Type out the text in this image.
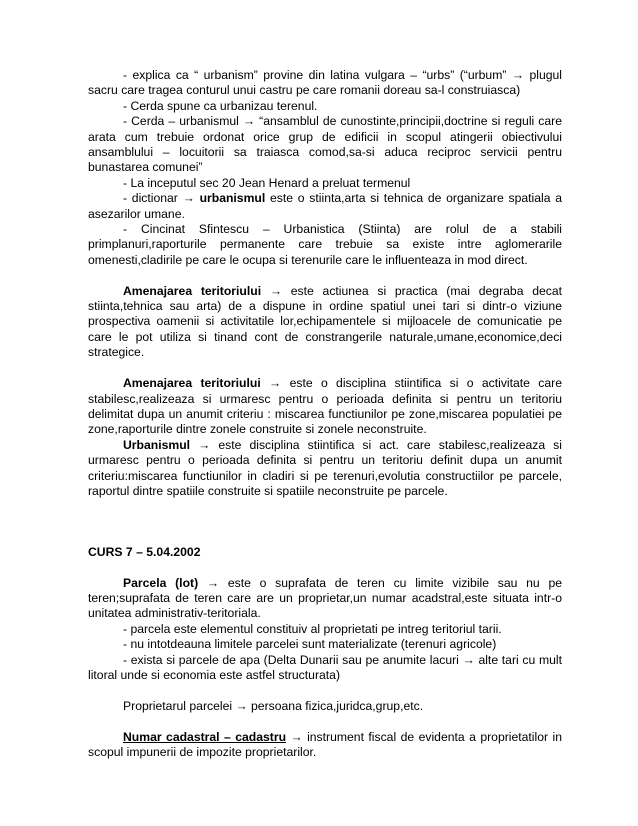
- explica ca “ urbanism” provine din latina vulgara – “urbs” (“urbum” → plugul sacru care tragea conturul unui castru pe care romanii doreau sa-l construiasca)

- Cerda spune ca urbanizau terenul.

- Cerda – urbanismul → “ansamblul de cunostinte,principii,doctrine si reguli care arata cum trebuie ordonat orice grup de edificii in scopul atingerii obiectivului ansamblului – locuitorii sa traiasca comod,sa-si aduca reciproc servicii pentru bunastarea comunei”

- La inceputul sec 20 Jean Henard a preluat termenul

- dictionar → urbanismul este o stiinta,arta si tehnica de organizare spatiala a asezarilor umane.

- Cincinat Sfintescu – Urbanistica (Stiinta) are rolul de a stabili primplanuri,raporturile permanente care trebuie sa existe intre aglomerarile omenesti,cladirile pe care le ocupa si terenurile care le influenteaza in mod direct.

Amenajarea teritoriului → este actiunea si practica (mai degraba decat stiinta,tehnica sau arta) de a dispune in ordine spatiul unei tari si dintr-o viziune prospectiva oamenii si activitatile lor,echipamentele si mijloacele de comunicatie pe care le pot utiliza si tinand cont de constrangerile naturale,umane,economice,deci strategice.

Amenajarea teritoriului → este o disciplina stiintifica si o activitate care stabilesc,realizeaza si urmaresc pentru o perioada definita si pentru un teritoriu delimitat dupa un anumit criteriu : miscarea functiunilor pe zone,miscarea populatiei pe zone,raporturile dintre zonele construite si zonele neconstruite.

Urbanismul → este disciplina stiintifica si act. care stabilesc,realizeaza si urmaresc pentru o perioada definita si pentru un teritoriu definit dupa un anumit criteriu:miscarea functiunilor in cladiri si pe terenuri,evolutia constructiilor pe parcele, raportul dintre spatiile construite si spatiile neconstruite pe parcele.

CURS 7 – 5.04.2002

Parcela (lot) → este o suprafata de teren cu limite vizibile sau nu pe teren;suprafata de teren care are un proprietar,un numar acadstral,este situata intr-o unitatea administrativ-teritoriala.

- parcela este elementul constituiv al proprietati pe intreg teritoriul tarii.

- nu intotdeauna limitele parcelei sunt materializate (terenuri agricole)

- exista si parcele de apa (Delta Dunarii sau pe anumite lacuri → alte tari cu mult litoral unde si economia este astfel structurata)

Proprietarul parcelei → persoana fizica,juridca,grup,etc.

Numar cadastral – cadastru → instrument fiscal de evidenta a proprietatilor in scopul impunerii de impozite proprietarilor.
